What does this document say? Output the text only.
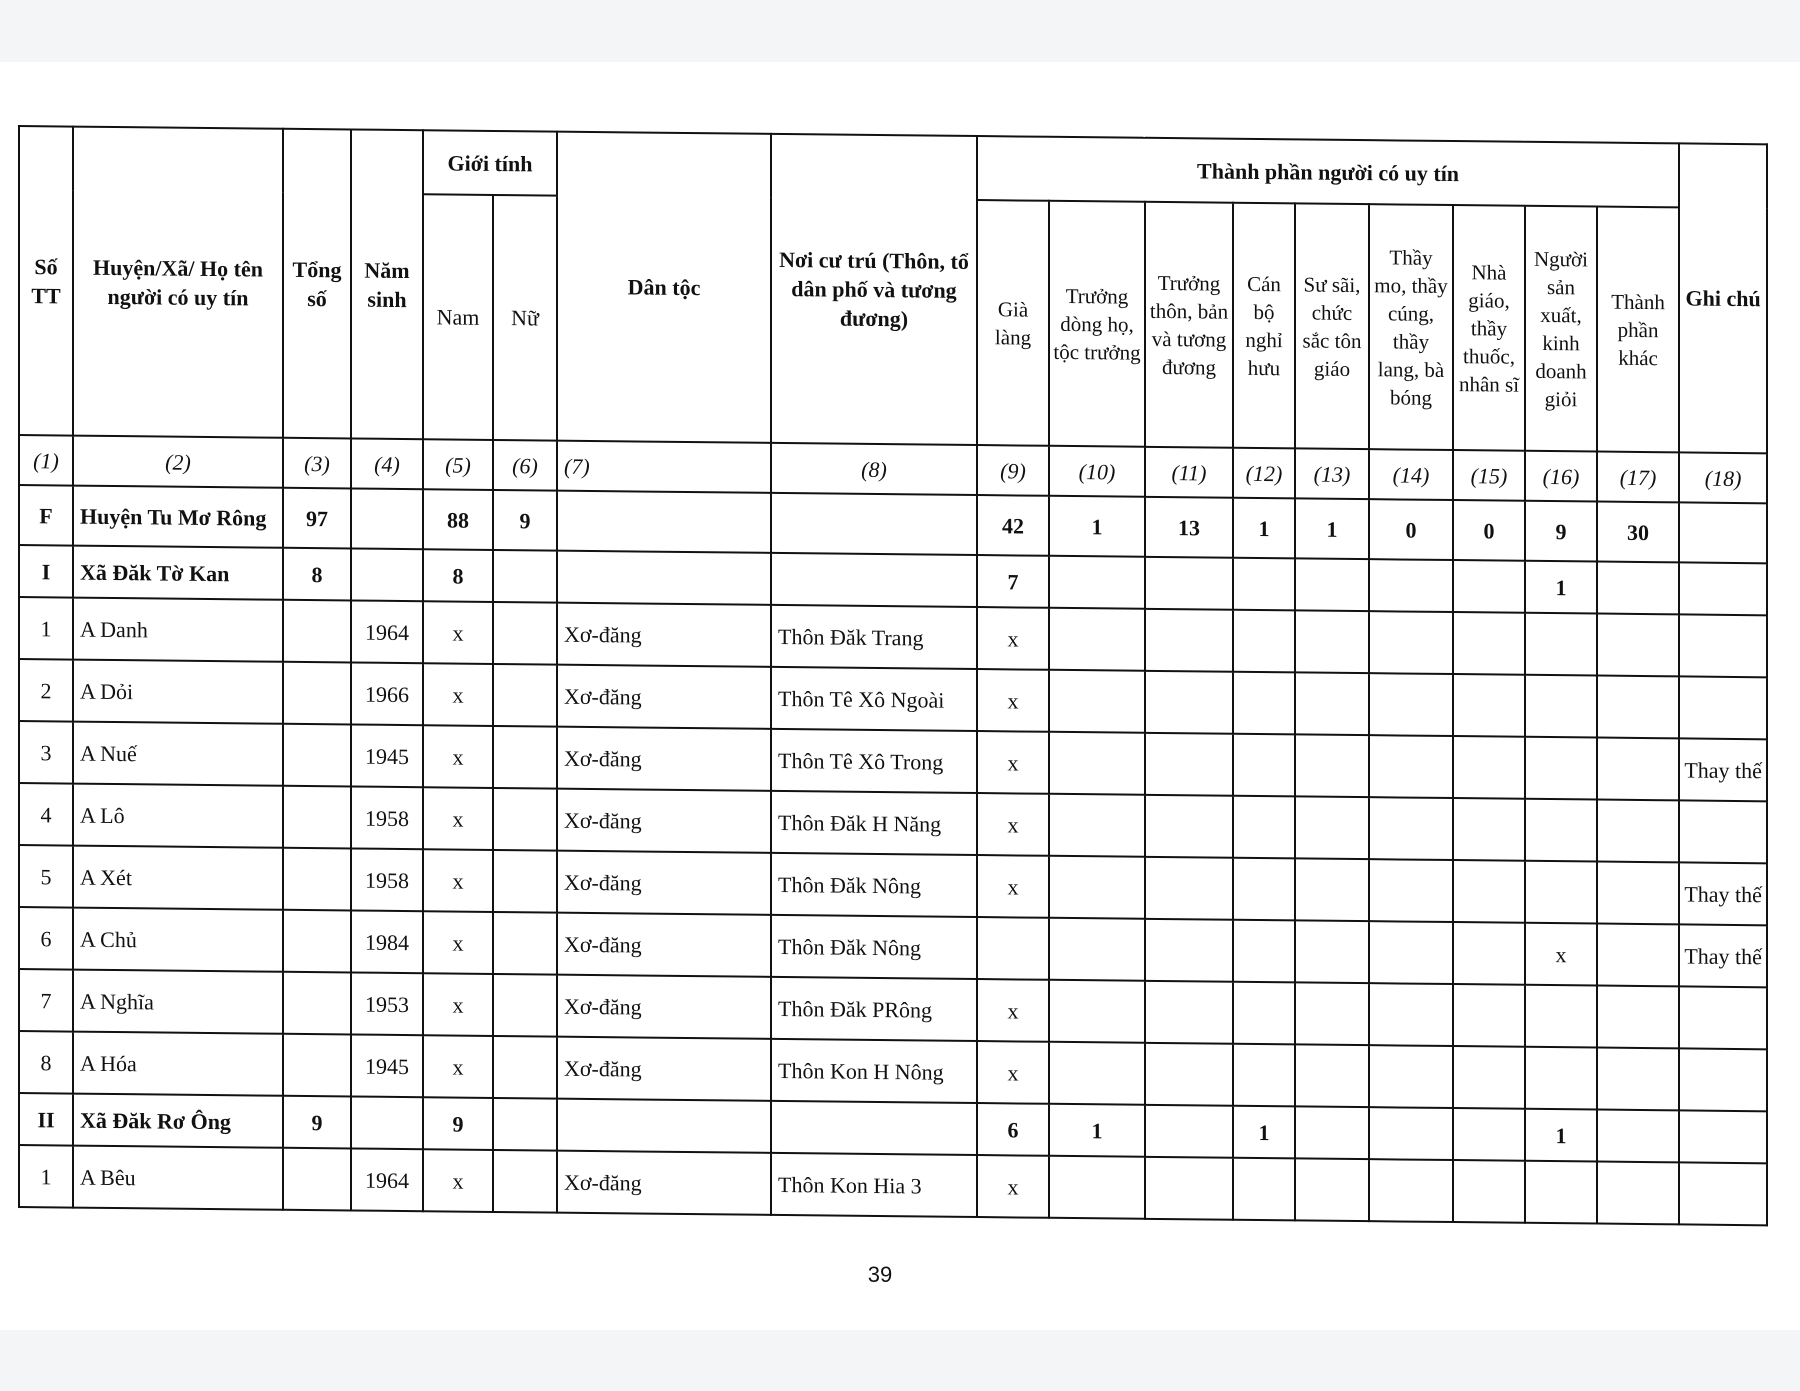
Số TT	Huyện/Xã/ Họ tên người có uy tín	Tổng số	Năm sinh	Giới tính		Dân tộc	Nơi cư trú (Thôn, tổ dân phố và tương đương)	Thành phần người có uy tín									Ghi chú
				Nam	Nữ			Già làng	Trưởng dòng họ, tộc trưởng	Trưởng thôn, bản và tương đương	Cán bộ nghỉ hưu	Sư sãi, chức sắc tôn giáo	Thầy mo, thầy cúng, thầy lang, bà bóng	Nhà giáo, thầy thuốc, nhân sĩ	Người sản xuất, kinh doanh giỏi	Thành phần khác	
(1)	(2)	(3)	(4)	(5)	(6)	(7)	(8)	(9)	(10)	(11)	(12)	(13)	(14)	(15)	(16)	(17)	(18)
F	Huyện Tu Mơ Rông	97		88	9			42	1	13	1	1	0	0	9	30	
I	Xã Đăk Tờ Kan	8		8				7							1		
1	A Danh		1964	x		Xơ-đăng	Thôn Đăk Trang	x									
2	A Dỏi		1966	x		Xơ-đăng	Thôn Tê Xô Ngoài	x									
3	A Nuế		1945	x		Xơ-đăng	Thôn Tê Xô Trong	x									Thay thế
4	A Lô		1958	x		Xơ-đăng	Thôn Đăk H Năng	x									
5	A Xét		1958	x		Xơ-đăng	Thôn Đăk Nông	x									Thay thế
6	A Chủ		1984	x		Xơ-đăng	Thôn Đăk Nông								x		Thay thế
7	A Nghĩa		1953	x		Xơ-đăng	Thôn Đăk PRông	x									
8	A Hóa		1945	x		Xơ-đăng	Thôn Kon H Nông	x									
II	Xã Đăk Rơ Ông	9		9				6	1		1				1		
1	A Bêu		1964	x		Xơ-đăng	Thôn Kon Hia 3	x									
39
